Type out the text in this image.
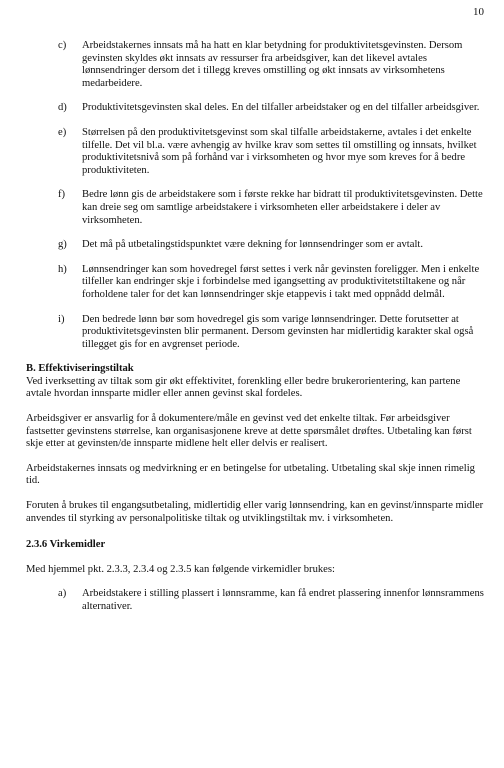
10
c)	Arbeidstakernes innsats må ha hatt en klar betydning for produktivitetsgevinsten. Dersom gevinsten skyldes økt innsats av ressurser fra arbeidsgiver, kan det likevel avtales lønnsendringer dersom det i tillegg kreves omstilling og økt innsats av virksomhetens medarbeidere.
d)	Produktivitetsgevinsten skal deles. En del tilfaller arbeidstaker og en del tilfaller arbeidsgiver.
e)	Størrelsen på den produktivitetsgevinst som skal tilfalle arbeidstakerne, avtales i det enkelte tilfelle. Det vil bl.a. være avhengig av hvilke krav som settes til omstilling og innsats, hvilket produktivitetsnivå som på forhånd var i virksomheten og hvor mye som kreves for å bedre produktiviteten.
f)	Bedre lønn gis de arbeidstakere som i første rekke har bidratt til produktivitetsgevinsten. Dette kan dreie seg om samtlige arbeidstakere i virksomheten eller arbeidstakere i deler av virksomheten.
g)	Det må på utbetalingstidspunktet være dekning for lønnsendringer som er avtalt.
h)	Lønnsendringer kan som hovedregel først settes i verk når gevinsten foreligger. Men i enkelte tilfeller kan endringer skje i forbindelse med igangsetting av produktivitetstiltakene og når forholdene taler for det kan lønnsendringer skje etappevis i takt med oppnådd delmål.
i)	Den bedrede lønn bør som hovedregel gis som varige lønnsendringer. Dette forutsetter at produktivitetsgevinsten blir permanent. Dersom gevinsten har midlertidig karakter skal også tillegget gis for en avgrenset periode.
B. Effektiviseringstiltak
Ved iverksetting av tiltak som gir økt effektivitet, forenkling eller bedre brukerorientering, kan partene avtale hvordan innsparte midler eller annen gevinst skal fordeles.
Arbeidsgiver er ansvarlig for å dokumentere/måle en gevinst ved det enkelte tiltak. Før arbeidsgiver fastsetter gevinstens størrelse, kan organisasjonene kreve at dette spørsmålet drøftes. Utbetaling kan først skje etter at gevinsten/de innsparte midlene helt eller delvis er realisert.
Arbeidstakernes innsats og medvirkning er en betingelse for utbetaling. Utbetaling skal skje innen rimelig tid.
Foruten å brukes til engangsutbetaling, midlertidig eller varig lønnsendring, kan en gevinst/innsparte midler anvendes til styrking av personalpolitiske tiltak og utviklingstiltak mv. i virksomheten.
2.3.6 Virkemidler
Med hjemmel pkt. 2.3.3, 2.3.4 og 2.3.5 kan følgende virkemidler brukes:
a)	Arbeidstakere i stilling plassert i lønnsramme, kan få endret plassering innenfor lønnsrammens alternativer.
